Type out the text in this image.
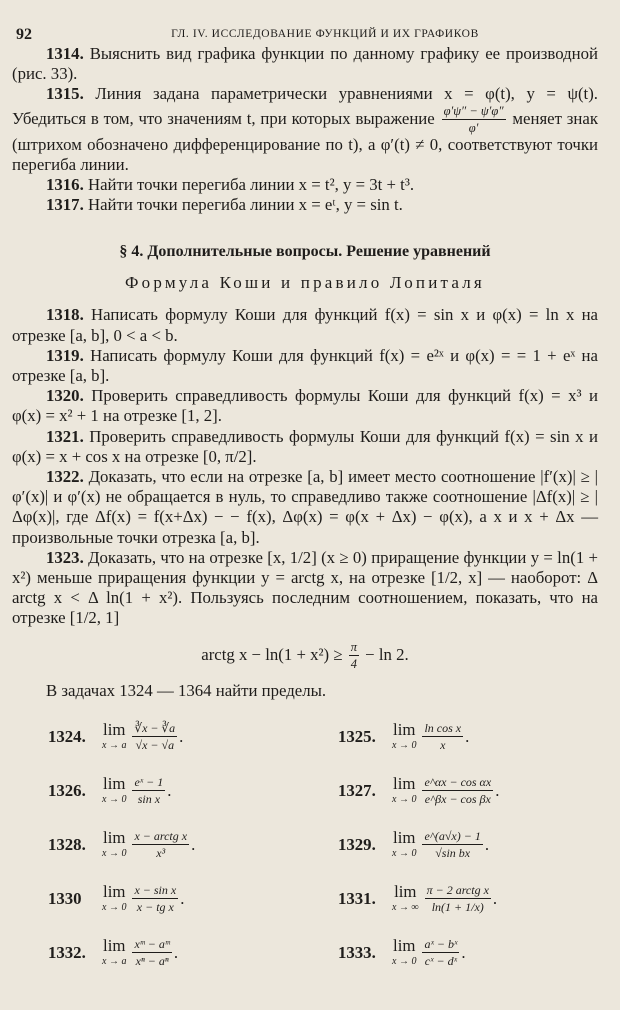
92	ГЛ. IV. ИССЛЕДОВАНИЕ ФУНКЦИЙ И ИХ ГРАФИКОВ

1314. Выяснить вид графика функции по данному графику ее производной (рис. 33).

1315. Линия задана параметрически уравнениями x = φ(t), y = ψ(t). Убедиться в том, что значениям t, при которых выражение $\frac{\varphi'\psi'' - \psi'\varphi''}{\varphi'}$ меняет знак (штрихом обозначено дифференцирование по t), а φ′(t) ≠ 0, соответствуют точки перегиба линии.

1316. Найти точки перегиба линии x = t², y = 3t + t³.

1317. Найти точки перегиба линии x = eᵗ, y = sin t.

§ 4. Дополнительные вопросы. Решение уравнений
Формула Коши и правило Лопиталя

1318. Написать формулу Коши для функций f(x) = sin x и φ(x) = ln x на отрезке [a, b], 0 < a < b.

1319. Написать формулу Коши для функций f(x) = e²ˣ и φ(x) = = 1 + eˣ на отрезке [a, b].

1320. Проверить справедливость формулы Коши для функций f(x) = x³ и φ(x) = x² + 1 на отрезке [1, 2].

1321. Проверить справедливость формулы Коши для функций f(x) = sin x и φ(x) = x + cos x на отрезке [0, π/2].

1322. Доказать, что если на отрезке [a, b] имеет место соотношение |f′(x)| ≥ |φ′(x)| и φ′(x) не обращается в нуль, то справедливо также соотношение |Δf(x)| ≥ |Δφ(x)|, где Δf(x) = f(x+Δx) − − f(x), Δφ(x) = φ(x + Δx) − φ(x), a x и x + Δx — произвольные точки отрезка [a, b].

1323. Доказать, что на отрезке [x, 1/2] (x ≥ 0) приращение функции y = ln(1 + x²) меньше приращения функции y = arctg x, на отрезке [1/2, x] — наоборот: Δ arctg x < Δ ln(1 + x²). Пользуясь последним соотношением, показать, что на отрезке [1/2, 1]

arctg $x - \ln(1 + x^2) \ge \frac{\pi}{4} - \ln 2$.

В задачах 1324 — 1364 найти пределы.

1324.	lim
x → a $\frac{∛x - ∛a}{√x - √a}$ .	1325.	lim
$x \to 0 \frac{\text{ln cos x}}{x}$ .
1326.	lim
$x \to 0 \frac{\text{eˣ − 1}}{\text{sin x}}$ .	1327.	lim
$x \to 0 \frac{\text{e\textasciicircum{}αx − cos αx}}{\text{e\textasciicircum{}βx − cos βx}}$ .
1328.	lim
$x \to 0 \frac{\text{x − arctg x}}{\text{x³}}$ .	1329.	lim
$x \to 0 \frac{e\^{}(a√x) - 1}{\text{√sin bx}}$ .
1330	lim
$x \to 0 \frac{\text{x − sin x}}{\text{x − tg x}}$ .	1331.	lim
x → ∞ $\frac{\text{π − 2 arctg x}}{\ln(1 + 1/x)}$ .
1332.	lim
x → a $\frac{\text{xᵐ − aᵐ}}{\text{xⁿ − aⁿ}}$ .	1333.	lim
$x \to 0 \frac{\text{aˣ − bˣ}}{\text{cˣ − dˣ}}$ .
